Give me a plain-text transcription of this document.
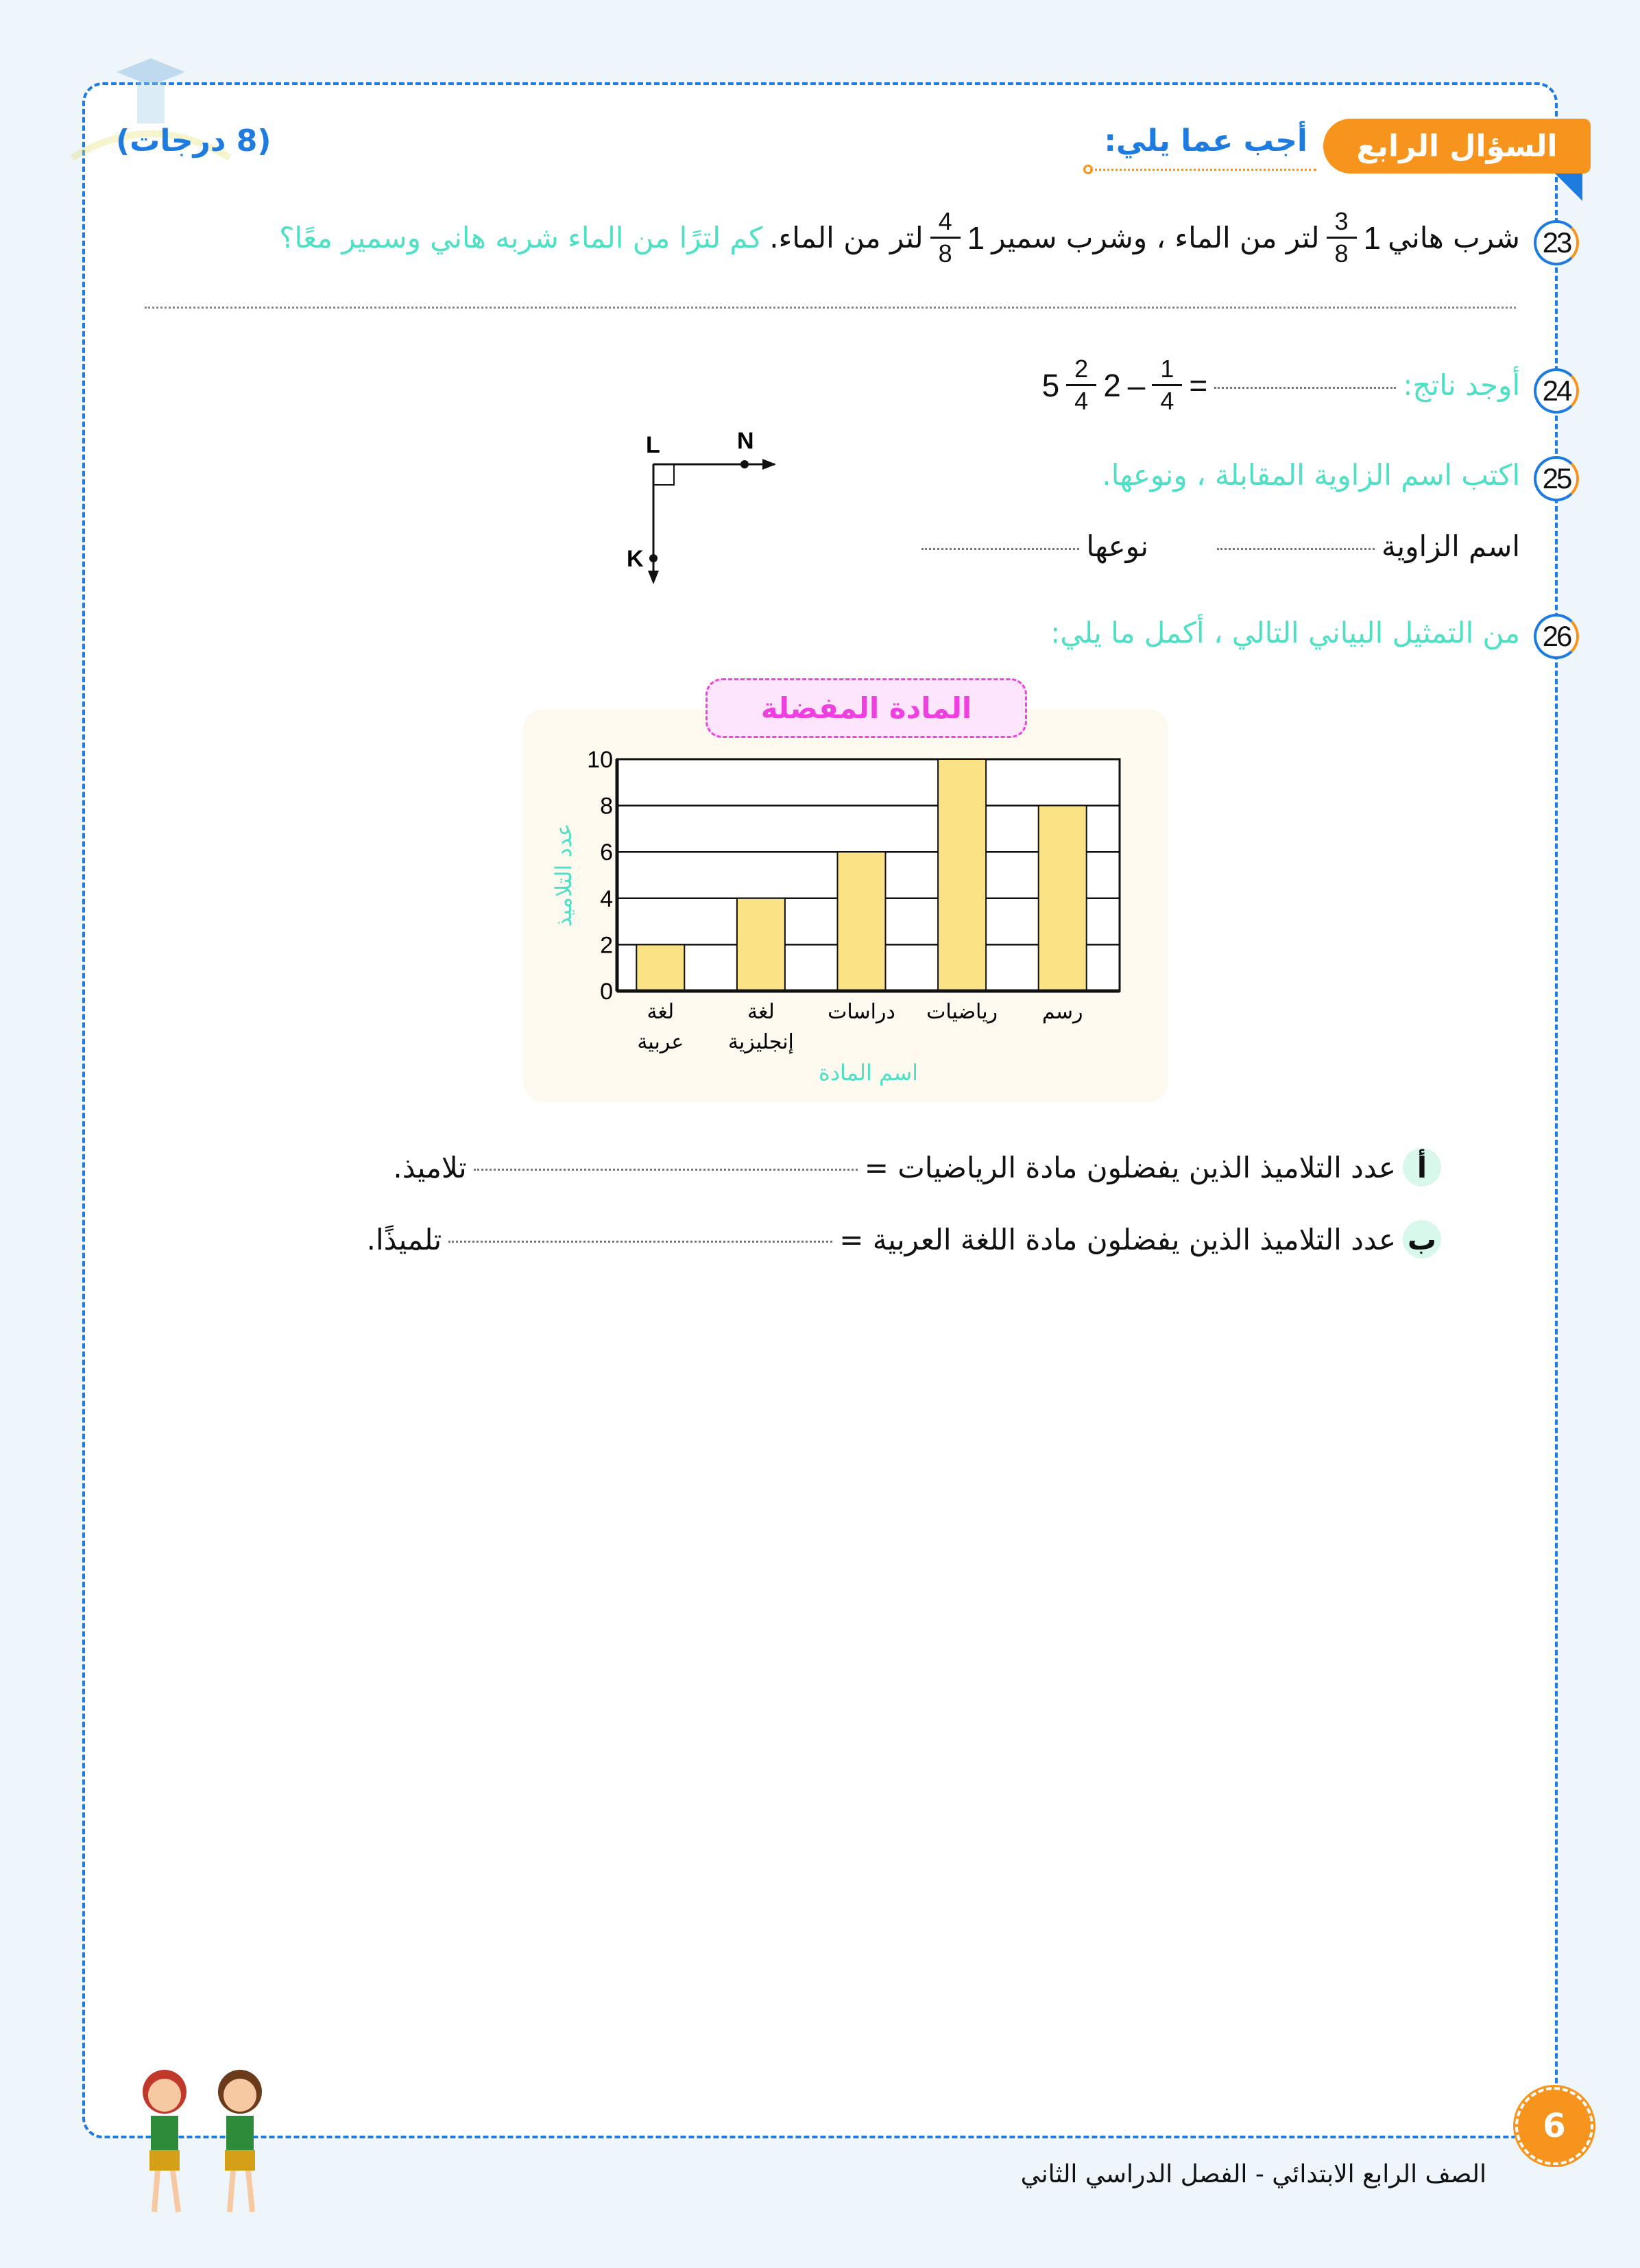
السؤال الرابع
أجب عما يلي:
(8 درجات)
23
شرب هاني
1
$\frac{3}{8}$
لتر من الماء ، وشرب سمير
1
$\frac{4}{8}$
لتر من الماء.
كم لترًا من الماء شربه هاني وسمير معًا؟
24
أوجد ناتج:
=
$2 \frac{1}{4}$
–
$5 \frac{2}{4}$
L	N
K
25
اكتب اسم الزاوية المقابلة ، ونوعها.
اسم الزاوية
نوعها
26
من التمثيل البياني التالي ، أكمل ما يلي:
المادة المفضلة
0
2
4
6
8
10
لغة
عربية
لغة
إنجليزية
دراسات رياضيات رسم
اسم المادة
عدد التلاميذ
أ
عدد التلاميذ الذين يفضلون مادة الرياضيات =
تلاميذ.
ب
عدد التلاميذ الذين يفضلون مادة اللغة العربية =
تلميذًا.
6
الصف الرابع الابتدائي - الفصل الدراسي الثاني
